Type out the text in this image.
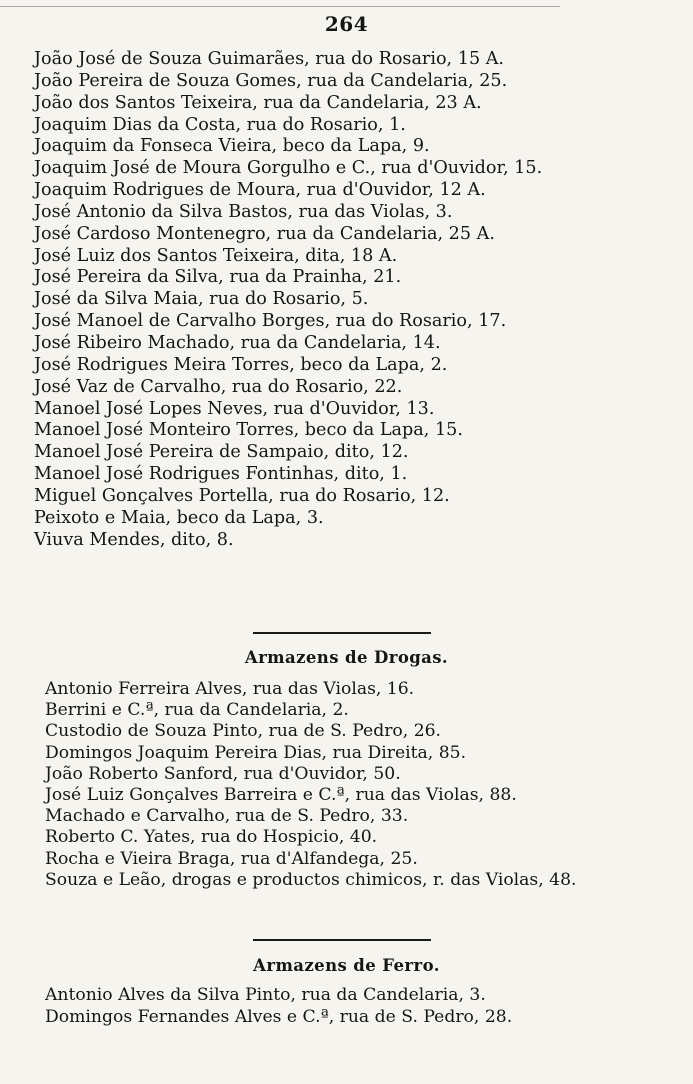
264
João José de Souza Guimarães, rua do Rosario, 15 A.
João Pereira de Souza Gomes, rua da Candelaria, 25.
João dos Santos Teixeira, rua da Candelaria, 23 A.
Joaquim Dias da Costa, rua do Rosario, 1.
Joaquim da Fonseca Vieira, beco da Lapa, 9.
Joaquim José de Moura Gorgulho e C., rua d'Ouvidor, 15.
Joaquim Rodrigues de Moura, rua d'Ouvidor, 12 A.
José Antonio da Silva Bastos, rua das Violas, 3.
José Cardoso Montenegro, rua da Candelaria, 25 A.
José Luiz dos Santos Teixeira, dita, 18 A.
José Pereira da Silva, rua da Prainha, 21.
José da Silva Maia, rua do Rosario, 5.
José Manoel de Carvalho Borges, rua do Rosario, 17.
José Ribeiro Machado, rua da Candelaria, 14.
José Rodrigues Meira Torres, beco da Lapa, 2.
José Vaz de Carvalho, rua do Rosario, 22.
Manoel José Lopes Neves, rua d'Ouvidor, 13.
Manoel José Monteiro Torres, beco da Lapa, 15.
Manoel José Pereira de Sampaio, dito, 12.
Manoel José Rodrigues Fontinhas, dito, 1.
Miguel Gonçalves Portella, rua do Rosario, 12.
Peixoto e Maia, beco da Lapa, 3.
Viuva Mendes, dito, 8.
Armazens de Drogas.
Antonio Ferreira Alves, rua das Violas, 16.
Berrini e C.ª, rua da Candelaria, 2.
Custodio de Souza Pinto, rua de S. Pedro, 26.
Domingos Joaquim Pereira Dias, rua Direita, 85.
João Roberto Sanford, rua d'Ouvidor, 50.
José Luiz Gonçalves Barreira e C.ª, rua das Violas, 88.
Machado e Carvalho, rua de S. Pedro, 33.
Roberto C. Yates, rua do Hospicio, 40.
Rocha e Vieira Braga, rua d'Alfandega, 25.
Souza e Leão, drogas e productos chimicos, r. das Violas, 48.
Armazens de Ferro.
Antonio Alves da Silva Pinto, rua da Candelaria, 3.
Domingos Fernandes Alves e C.ª, rua de S. Pedro, 28.
